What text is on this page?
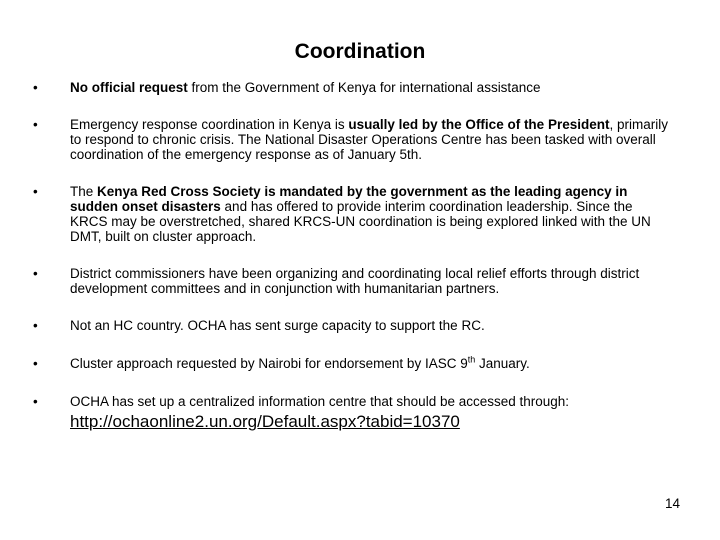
Coordination
•	No official request from the Government of Kenya for international assistance
•	Emergency response coordination in Kenya is usually led by the Office of the President, primarily to respond to chronic crisis. The National Disaster Operations Centre has been tasked with overall coordination of the emergency response as of January 5th.
•	The Kenya Red Cross Society is mandated by the government as the leading agency in sudden onset disasters and has offered to provide interim coordination leadership. Since the KRCS may be overstretched, shared KRCS-UN coordination is being explored linked with the UN DMT, built on cluster approach.
•	District commissioners have been organizing and coordinating local relief efforts through district development committees and in conjunction with humanitarian partners.
•	Not an HC country. OCHA has sent surge capacity to support the RC.
•	Cluster approach requested by Nairobi for endorsement by IASC 9th January.
•	OCHA has set up a centralized information centre that should be accessed through:
http://ochaonline2.un.org/Default.aspx?tabid=10370
14
